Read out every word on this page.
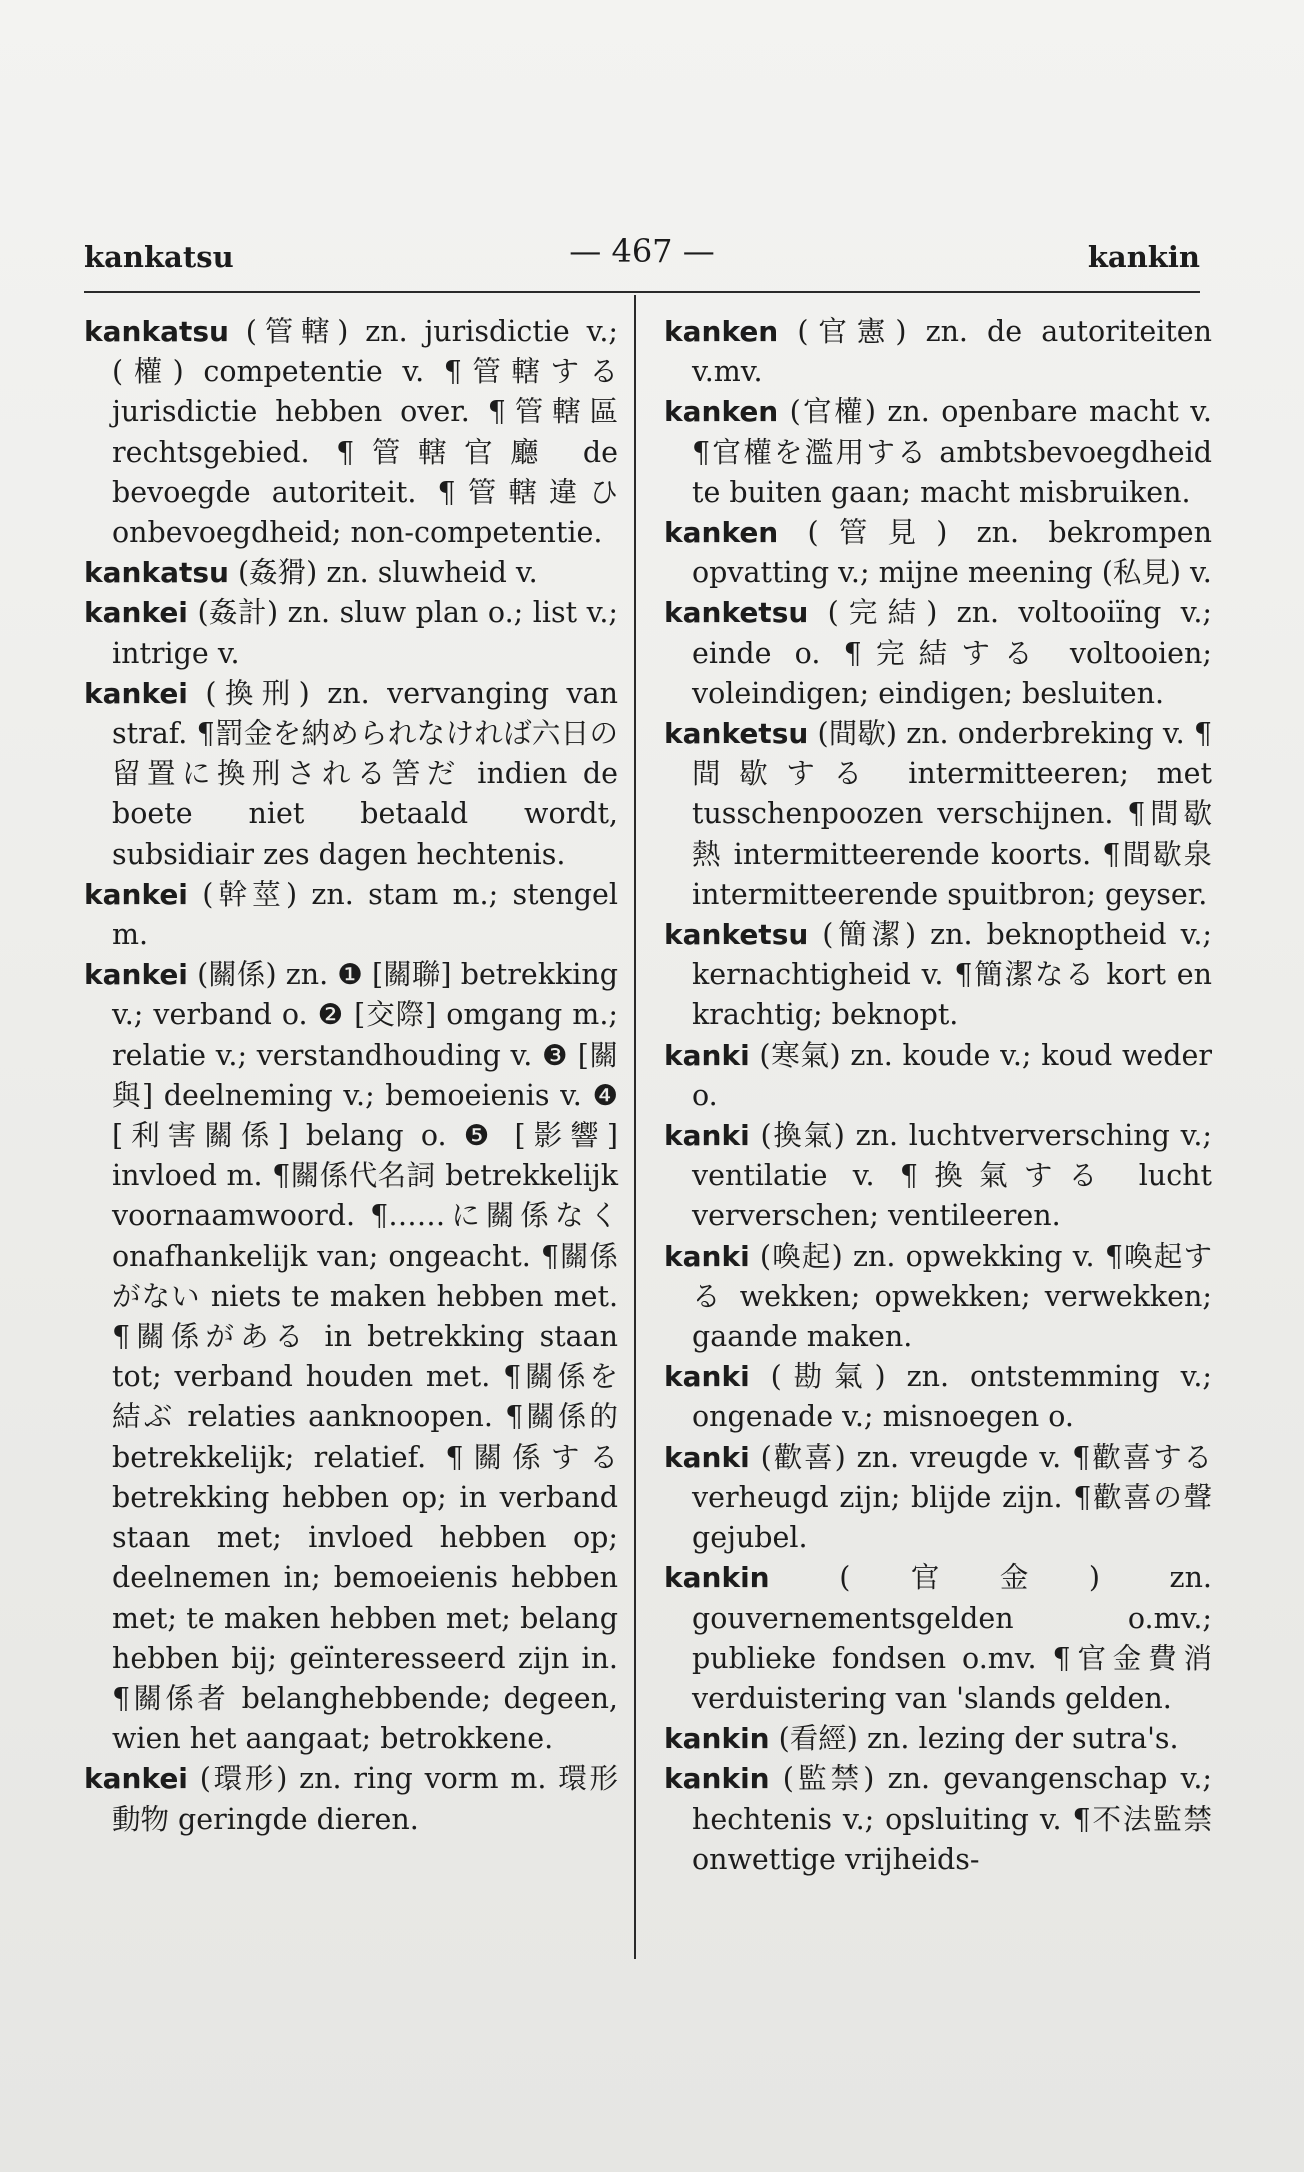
kankatsu	— 467 —	kankin

kankatsu (管轄) zn. jurisdictie v.; (權) competentie v. ¶管轄する jurisdictie hebben over. ¶管轄區 rechtsgebied. ¶管轄官廳 de bevoegde autoriteit. ¶管轄違ひ onbevoegdheid; non-competentie.

kankatsu (姦猾) zn. sluwheid v.

kankei (姦計) zn. sluw plan o.; list v.; intrige v.

kankei (換刑) zn. vervanging van straf. ¶罰金を納められなければ六日の留置に換刑される筈だ indien de boete niet betaald wordt, subsidiair zes dagen hechtenis.

kankei (幹莖) zn. stam m.; stengel m.

kankei (關係) zn. ❶ [關聯] betrekking v.; verband o. ❷ [交際] omgang m.; relatie v.; verstandhouding v. ❸ [關與] deelneming v.; bemoeienis v. ❹ [利害關係] belang o. ❺ [影響] invloed m. ¶關係代名詞 betrekkelijk voornaamwoord. ¶……に關係なく onafhankelijk van; ongeacht. ¶關係がない niets te maken hebben met. ¶關係がある in betrekking staan tot; verband houden met. ¶關係を結ぶ relaties aanknoopen. ¶關係的 betrekkelijk; relatief. ¶關係する betrekking hebben op; in verband staan met; invloed hebben op; deelnemen in; bemoeienis hebben met; te maken hebben met; belang hebben bij; geïnteresseerd zijn in. ¶關係者 belanghebbende; degeen, wien het aangaat; betrokkene.

kankei (環形) zn. ring vorm m. 環形動物 geringde dieren.

kanken (官憲) zn. de autoriteiten v.mv.

kanken (官權) zn. openbare macht v. ¶官權を濫用する ambtsbevoegdheid te buiten gaan; macht misbruiken.

kanken (管見) zn. bekrompen opvatting v.; mijne meening (私見) v.

kanketsu (完結) zn. voltooiïng v.; einde o. ¶完結する voltooien; voleindigen; eindigen; besluiten.

kanketsu (間歇) zn. onderbreking v. ¶間歇する intermitteeren; met tusschenpoozen verschijnen. ¶間歇熱 intermitteerende koorts. ¶間歇泉 intermitteerende spuitbron; geyser.

kanketsu (簡潔) zn. beknoptheid v.; kernachtigheid v. ¶簡潔なる kort en krachtig; beknopt.

kanki (寒氣) zn. koude v.; koud weder o.

kanki (換氣) zn. luchtverversching v.; ventilatie v. ¶換氣する lucht ververschen; ventileeren.

kanki (喚起) zn. opwekking v. ¶喚起する wekken; opwekken; verwekken; gaande maken.

kanki (勘氣) zn. ontstemming v.; ongenade v.; misnoegen o.

kanki (歡喜) zn. vreugde v. ¶歡喜する verheugd zijn; blijde zijn. ¶歡喜の聲 gejubel.

kankin (官金) zn. gouvernementsgelden o.mv.; publieke fondsen o.mv. ¶官金費消 verduistering van 'slands gelden.

kankin (看經) zn. lezing der sutra's.

kankin (監禁) zn. gevangenschap v.; hechtenis v.; opsluiting v. ¶不法監禁 onwettige vrijheids-
